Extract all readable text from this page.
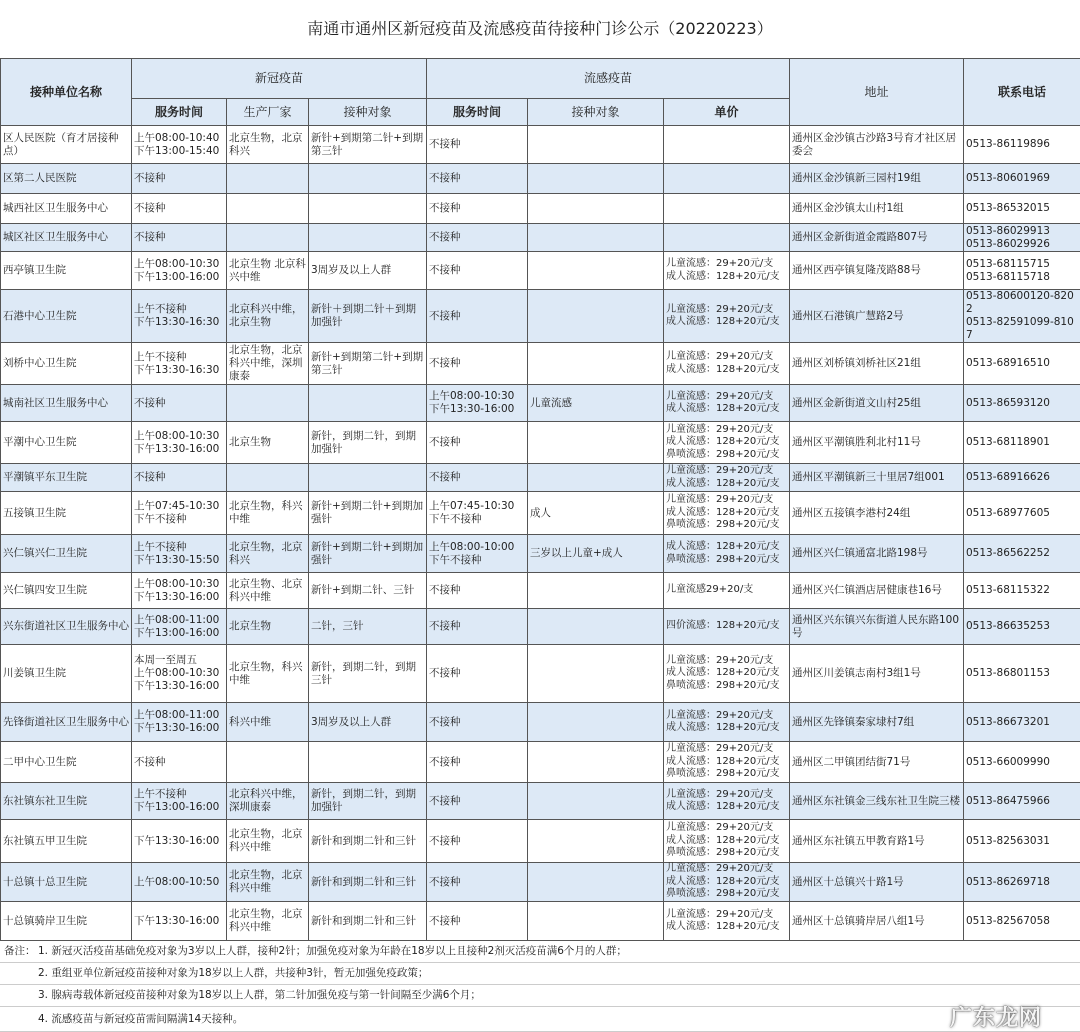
南通市通州区新冠疫苗及流感疫苗待接种门诊公示（20220223）
接种单位名称	新冠疫苗			流感疫苗			地址	联系电话
	服务时间	生产厂家	接种对象	服务时间	接种对象	单价		
区人民医院（育才居接种点）	上午08:00-10:40
下午13:00-15:40	北京生物，北京科兴	新针+到期第二针+到期第三针	不接种			通州区金沙镇古沙路3号育才社区居委会	0513-86119896
区第二人民医院	不接种			不接种			通州区金沙镇新三园村19组	0513-80601969
城西社区卫生服务中心	不接种			不接种			通州区金沙镇太山村1组	0513-86532015
城区社区卫生服务中心	不接种			不接种			通州区金新街道金霞路807号	0513-86029913
0513-86029926
西亭镇卫生院	上午08:00-10:30
下午13:00-16:00	北京生物 北京科兴中维	3周岁及以上人群	不接种		儿童流感：29+20元/支
成人流感：128+20元/支	通州区西亭镇复隆茂路88号	0513-68115715
0513-68115718
石港中心卫生院	上午不接种
下午13:30-16:30	北京科兴中维，北京生物	新针＋到期二针＋到期加强针	不接种		儿童流感：29+20元/支
成人流感：128+20元/支	通州区石港镇广慧路2号	0513-80600120-8202
0513-82591099-8107
刘桥中心卫生院	上午不接种
下午13:30-16:30	北京生物，北京科兴中维，深圳康泰	新针+到期第二针+到期第三针	不接种		儿童流感：29+20元/支
成人流感：128+20元/支	通州区刘桥镇刘桥社区21组	0513-68916510
城南社区卫生服务中心	不接种			上午08:00-10:30
下午13:30-16:00	儿童流感	儿童流感：29+20元/支
成人流感：128+20元/支	通州区金新街道文山村25组	0513-86593120
平潮中心卫生院	上午08:00-10:30
下午13:30-16:00	北京生物	新针，到期二针，到期加强针	不接种		儿童流感：29+20元/支
成人流感：128+20元/支
鼻喷流感：298+20元/支	通州区平潮镇胜利北村11号	0513-68118901
平潮镇平东卫生院	不接种			不接种		儿童流感：29+20元/支
成人流感：128+20元/支	通州区平潮镇新三十里居7组001	0513-68916626
五接镇卫生院	上午07:45-10:30
下午不接种	北京生物，科兴中维	新针+到期二针+到期加强针	上午07:45-10:30
下午不接种	成人	儿童流感：29+20元/支
成人流感：128+20元/支
鼻喷流感：298+20元/支	通州区五接镇李港村24组	0513-68977605
兴仁镇兴仁卫生院	上午不接种
下午13:30-15:50	北京生物，北京科兴	新针+到期二针+到期加强针	上午08:00-10:00
下午不接种	三岁以上儿童+成人	成人流感：128+20元/支
鼻喷流感：298+20元/支	通州区兴仁镇通富北路198号	0513-86562252
兴仁镇四安卫生院	上午08:00-10:30
下午13:30-16:00	北京生物、北京科兴中维	新针+到期二针、三针	不接种		儿童流感29+20/支	通州区兴仁镇酒店居健康巷16号	0513-68115322
兴东街道社区卫生服务中心	上午08:00-11:00
下午13:00-16:00	北京生物	二针，三针	不接种		四价流感：128+20元/支	通州区兴东镇兴东街道人民东路100号	0513-86635253
川姜镇卫生院	本周一至周五
上午08:00-10:30
下午13:30-16:00	北京生物，科兴中维	新针，到期二针，到期三针	不接种		儿童流感：29+20元/支
成人流感：128+20元/支
鼻喷流感：298+20元/支	通州区川姜镇志南村3组1号	0513-86801153
先锋街道社区卫生服务中心	上午08:00-11:00
下午13:30-16:00	科兴中维	3周岁及以上人群	不接种		儿童流感：29+20元/支
成人流感：128+20元/支	通州区先锋镇秦家埭村7组	0513-86673201
二甲中心卫生院	不接种			不接种		儿童流感：29+20元/支
成人流感：128+20元/支
鼻喷流感：298+20元/支	通州区二甲镇团结街71号	0513-66009990
东社镇东社卫生院	上午不接种
下午13:00-16:00	北京科兴中维，深圳康泰	新针，到期二针，到期加强针	不接种		儿童流感：29+20元/支
成人流感：128+20元/支	通州区东社镇金三线东社卫生院三楼	0513-86475966
东社镇五甲卫生院	下午13:30-16:00	北京生物，北京科兴中维	新针和到期二针和三针	不接种		儿童流感：29+20元/支
成人流感：128+20元/支
鼻喷流感：298+20元/支	通州区东社镇五甲教育路1号	0513-82563031
十总镇十总卫生院	上午08:00-10:50	北京生物，北京科兴中维	新针和到期二针和三针	不接种		儿童流感：29+20元/支
成人流感：128+20元/支
鼻喷流感：298+20元/支	通州区十总镇兴十路1号	0513-86269718
十总镇骑岸卫生院	下午13:30-16:00	北京生物，北京科兴中维	新针和到期二针和三针	不接种		儿童流感：29+20元/支
成人流感：128+20元/支	通州区十总镇骑岸居八组1号	0513-82567058
备注： 1. 新冠灭活疫苗基础免疫对象为3岁以上人群，接种2针；加强免疫对象为年龄在18岁以上且接种2剂灭活疫苗满6个月的人群；
2. 重组亚单位新冠疫苗接种对象为18岁以上人群，共接种3针，暂无加强免疫政策；
3. 腺病毒载体新冠疫苗接种对象为18岁以上人群，第二针加强免疫与第一针间隔至少满6个月；
4. 流感疫苗与新冠疫苗需间隔满14天接种。	广东龙网
